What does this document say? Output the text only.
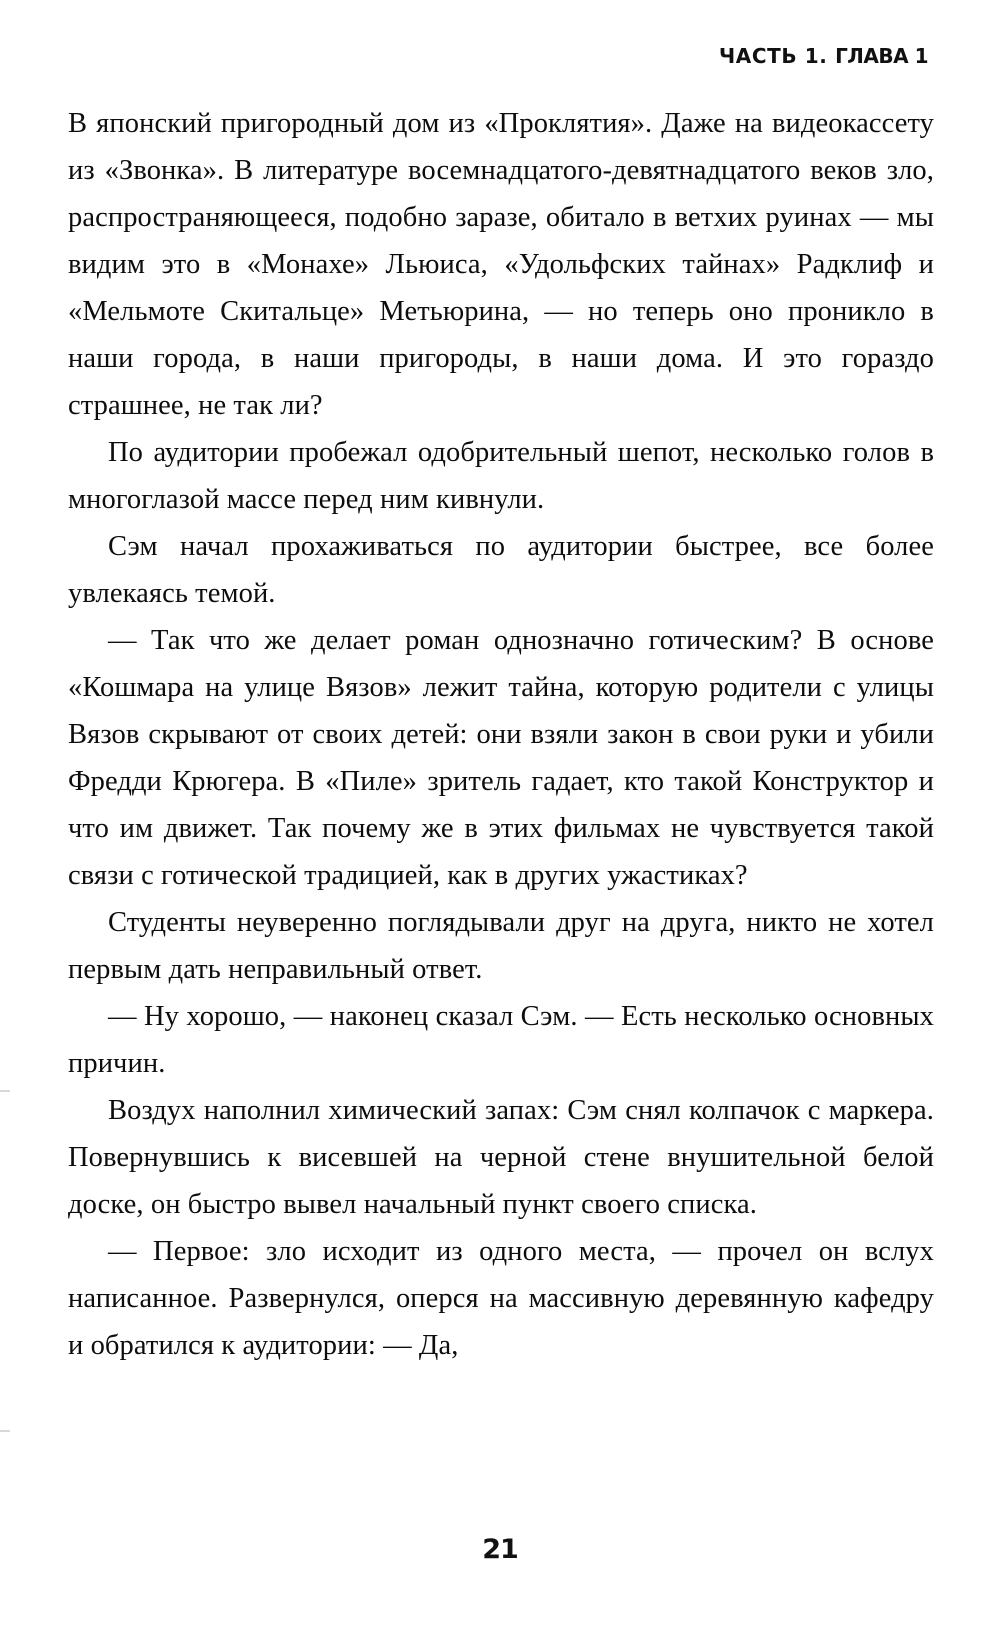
ЧАСТЬ 1. ГЛАВА 1

В японский пригородный дом из «Проклятия». Даже на видеокассету из «Звонка». В литературе восемнадцатого-девятнадцатого веков зло, распространяющееся, подобно заразе, обитало в ветхих руинах — мы видим это в «Монахе» Льюиса, «Удольфских тайнах» Радклиф и «Мельмоте Скитальце» Метьюрина, — но теперь оно проникло в наши города, в наши пригороды, в наши дома. И это гораздо страшнее, не так ли?

По аудитории пробежал одобрительный шепот, несколько голов в многоглазой массе перед ним кивнули.

Сэм начал прохаживаться по аудитории быстрее, все более увлекаясь темой.

— Так что же делает роман однозначно готическим? В основе «Кошмара на улице Вязов» лежит тайна, которую родители с улицы Вязов скрывают от своих детей: они взяли закон в свои руки и убили Фредди Крюгера. В «Пиле» зритель гадает, кто такой Конструктор и что им движет. Так почему же в этих фильмах не чувствуется такой связи с готической традицией, как в других ужастиках?

Студенты неуверенно поглядывали друг на друга, никто не хотел первым дать неправильный ответ.

— Ну хорошо, — наконец сказал Сэм. — Есть несколько основных причин.

Воздух наполнил химический запах: Сэм снял колпачок с маркера. Повернувшись к висевшей на черной стене внушительной белой доске, он быстро вывел начальный пункт своего списка.

— Первое: зло исходит из одного места, — прочел он вслух написанное. Развернулся, оперся на массивную деревянную кафедру и обратился к аудитории: — Да,

21
